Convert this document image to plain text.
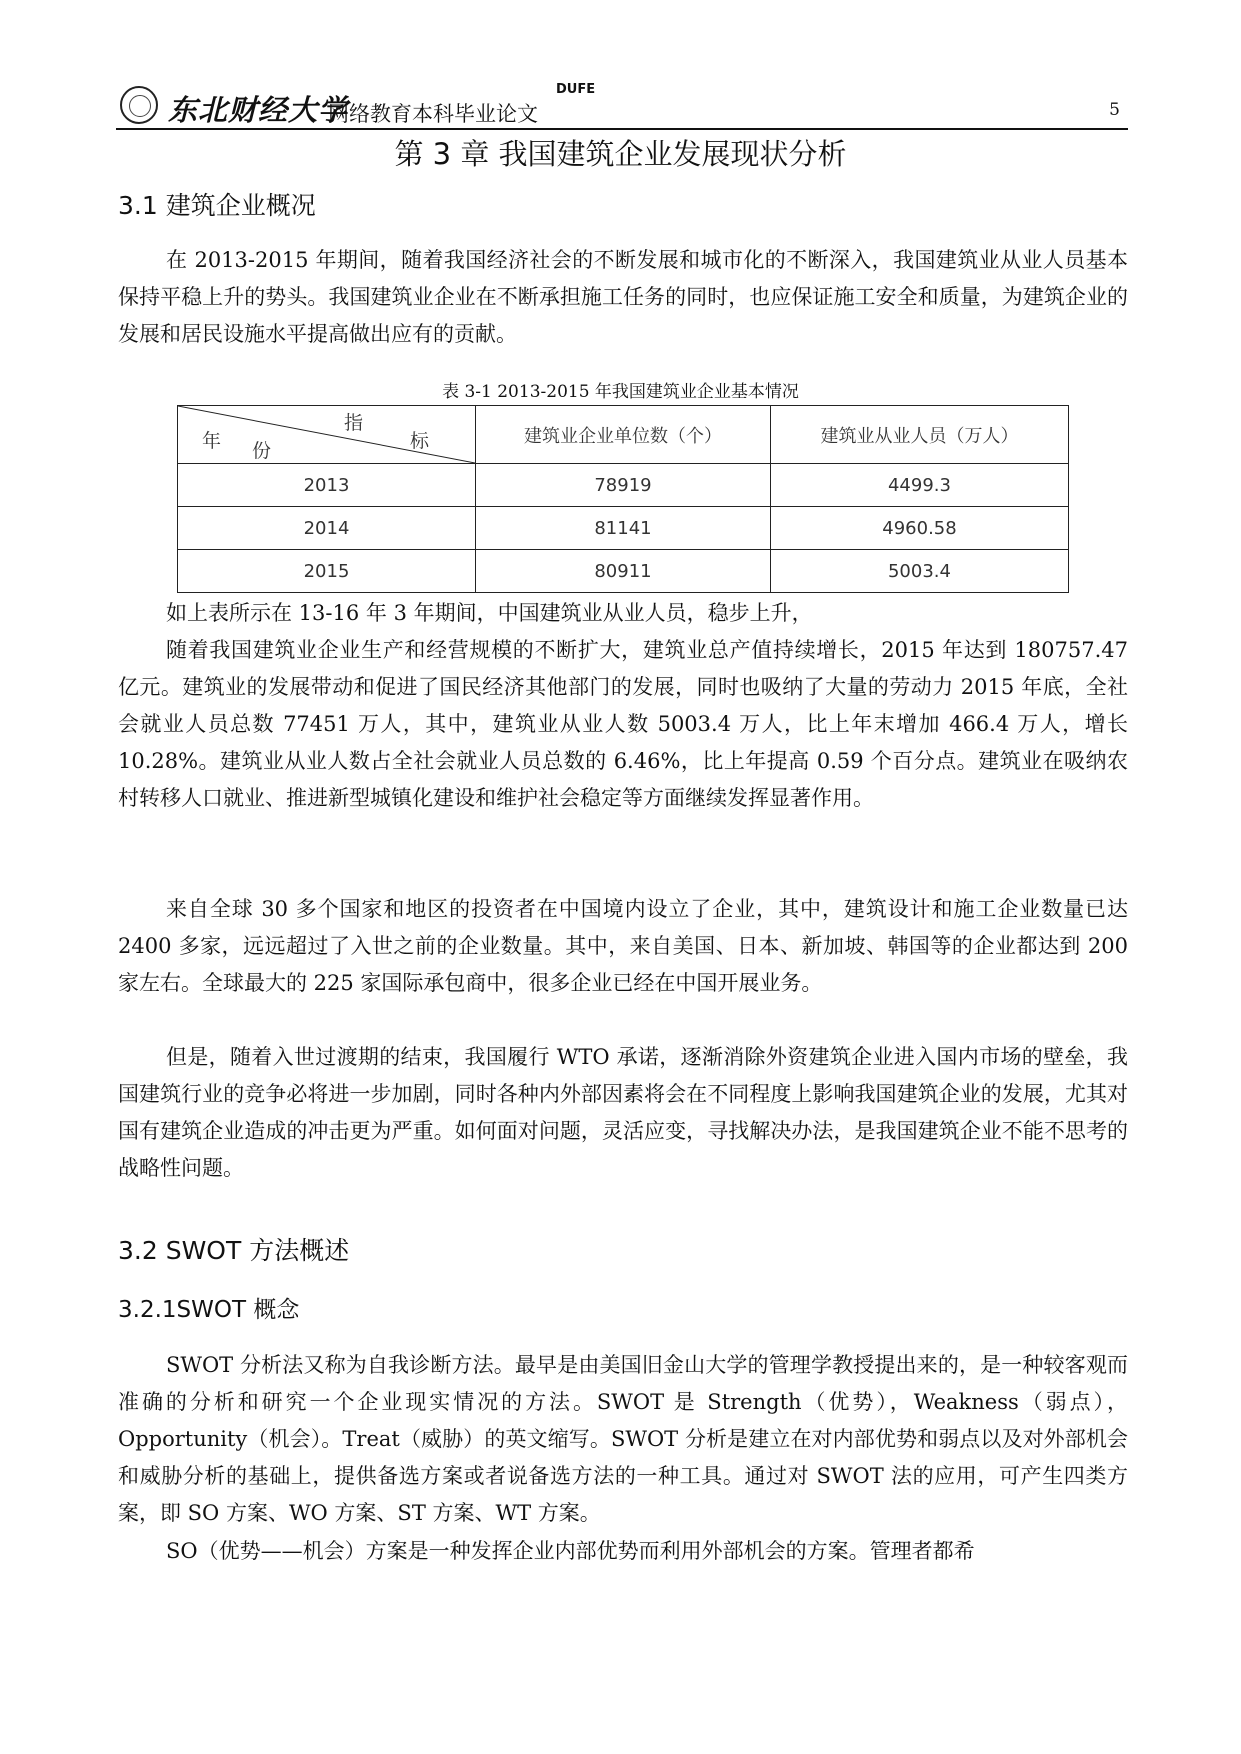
东北财经大学
网络教育本科毕业论文
DUFE
5
第 3 章 我国建筑企业发展现状分析
3.1 建筑企业概况

在 2013-2015 年期间，随着我国经济社会的不断发展和城市化的不断深入，我国建筑业从业人员基本保持平稳上升的势头。我国建筑业企业在不断承担施工任务的同时，也应保证施工安全和质量，为建筑企业的发展和居民设施水平提高做出应有的贡献。

表 3-1 2013-2015 年我国建筑业企业基本情况
指
标
年 份	建筑业企业单位数（个）	建筑业从业人员（万人）
2013	78919	4499.3
2014	81141	4960.58
2015	80911	5003.4

如上表所示在 13-16 年 3 年期间，中国建筑业从业人员，稳步上升，

随着我国建筑业企业生产和经营规模的不断扩大，建筑业总产值持续增长，2015 年达到 180757.47 亿元。建筑业的发展带动和促进了国民经济其他部门的发展，同时也吸纳了大量的劳动力 2015 年底，全社会就业人员总数 77451 万人，其中，建筑业从业人数 5003.4 万人，比上年末增加 466.4 万人，增长 10.28%。建筑业从业人数占全社会就业人员总数的 6.46%，比上年提高 0.59 个百分点。建筑业在吸纳农村转移人口就业、推进新型城镇化建设和维护社会稳定等方面继续发挥显著作用。

来自全球 30 多个国家和地区的投资者在中国境内设立了企业，其中，建筑设计和施工企业数量已达 2400 多家，远远超过了入世之前的企业数量。其中，来自美国、日本、新加坡、韩国等的企业都达到 200 家左右。全球最大的 225 家国际承包商中，很多企业已经在中国开展业务。

但是，随着入世过渡期的结束，我国履行 WTO 承诺，逐渐消除外资建筑企业进入国内市场的壁垒，我国建筑行业的竞争必将进一步加剧，同时各种内外部因素将会在不同程度上影响我国建筑企业的发展，尤其对国有建筑企业造成的冲击更为严重。如何面对问题，灵活应变，寻找解决办法，是我国建筑企业不能不思考的战略性问题。

3.2 SWOT 方法概述
3.2.1SWOT 概念

SWOT 分析法又称为自我诊断方法。最早是由美国旧金山大学的管理学教授提出来的，是一种较客观而准确的分析和研究一个企业现实情况的方法。SWOT 是 Strength（优势），Weakness（弱点），Opportunity（机会）。Treat（威胁）的英文缩写。SWOT 分析是建立在对内部优势和弱点以及对外部机会和威胁分析的基础上，提供备选方案或者说备选方法的一种工具。通过对 SWOT 法的应用，可产生四类方案，即 SO 方案、WO 方案、ST 方案、WT 方案。

SO（优势——机会）方案是一种发挥企业内部优势而利用外部机会的方案。管理者都希
